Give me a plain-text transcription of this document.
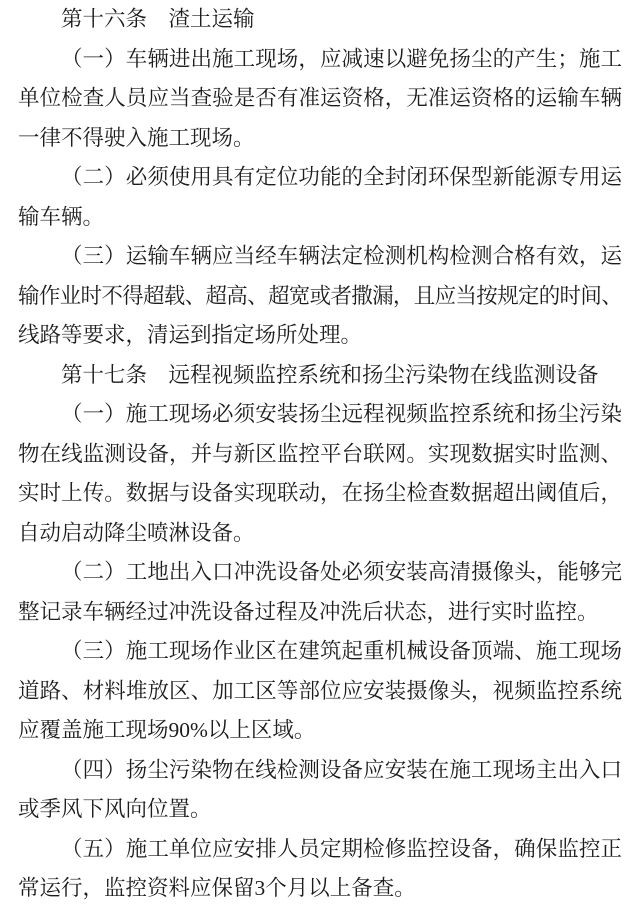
第十六条 渣土运输
（一）车辆进出施工现场，应减速以避免扬尘的产生；施工
单位检查人员应当查验是否有准运资格，无准运资格的运输车辆
一律不得驶入施工现场。
（二）必须使用具有定位功能的全封闭环保型新能源专用运
输车辆。
（三）运输车辆应当经车辆法定检测机构检测合格有效，运
输作业时不得超载、超高、超宽或者撒漏，且应当按规定的时间、
线路等要求，清运到指定场所处理。
第十七条 远程视频监控系统和扬尘污染物在线监测设备
（一）施工现场必须安装扬尘远程视频监控系统和扬尘污染
物在线监测设备，并与新区监控平台联网。实现数据实时监测、
实时上传。数据与设备实现联动，在扬尘检查数据超出阈值后，
自动启动降尘喷淋设备。
（二）工地出入口冲洗设备处必须安装高清摄像头，能够完
整记录车辆经过冲洗设备过程及冲洗后状态，进行实时监控。
（三）施工现场作业区在建筑起重机械设备顶端、施工现场
道路、材料堆放区、加工区等部位应安装摄像头，视频监控系统
应覆盖施工现场90%以上区域。
（四）扬尘污染物在线检测设备应安装在施工现场主出入口
或季风下风向位置。
（五）施工单位应安排人员定期检修监控设备，确保监控正
常运行，监控资料应保留3个月以上备查。
